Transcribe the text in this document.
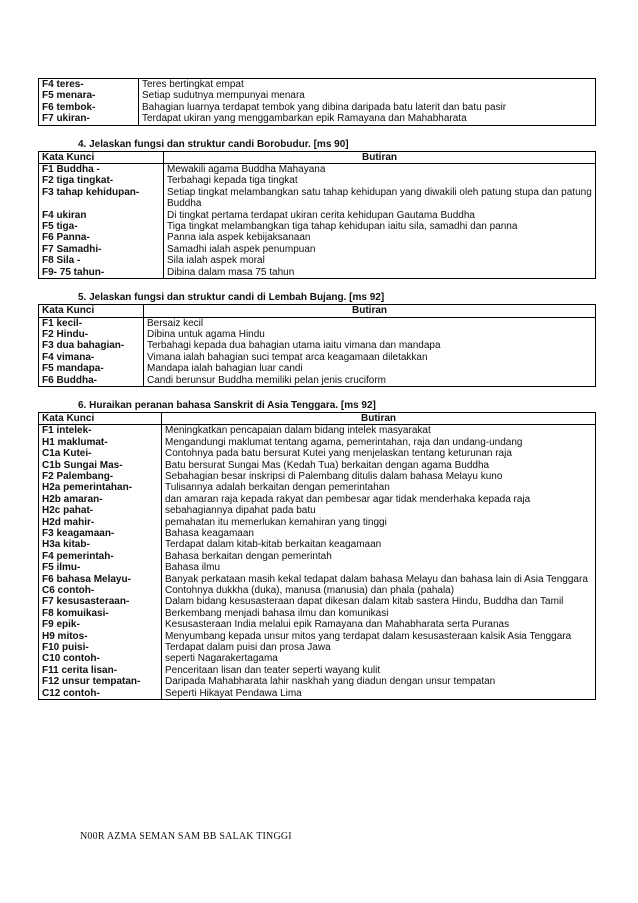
F4 teres-	Teres bertingkat empat
F5 menara-	Setiap sudutnya mempunyai menara
F6 tembok-	Bahagian luarnya terdapat tembok yang dibina daripada batu laterit dan batu pasir
F7 ukiran-	Terdapat ukiran yang menggambarkan epik Ramayana dan Mahabharata
4. Jelaskan fungsi dan struktur candi Borobudur. [ms 90]
Kata Kunci	Butiran
F1 Buddha -	Mewakili agama Buddha Mahayana
F2 tiga tingkat-	Terbahagi kepada tiga tingkat
F3 tahap kehidupan-	Setiap tingkat melambangkan satu tahap kehidupan yang diwakili oleh patung stupa dan patung Buddha
F4 ukiran	Di tingkat pertama terdapat ukiran cerita kehidupan Gautama Buddha
F5 tiga-	Tiga tingkat melambangkan tiga tahap kehidupan iaitu sila, samadhi dan panna
F6 Panna-	Panna iala aspek kebijaksanaan
F7 Samadhi-	Samadhi ialah aspek penumpuan
F8 Sila -	Sila ialah aspek moral
F9- 75 tahun-	Dibina dalam masa 75 tahun
5. Jelaskan fungsi dan struktur candi di Lembah Bujang. [ms 92]
Kata Kunci	Butiran
F1 kecil-	Bersaiz kecil
F2 Hindu-	Dibina untuk agama Hindu
F3 dua bahagian-	Terbahagi kepada dua bahagian utama iaitu vimana dan mandapa
F4 vimana-	Vimana ialah bahagian suci tempat arca keagamaan diletakkan
F5 mandapa-	Mandapa ialah bahagian luar candi
F6 Buddha-	Candi berunsur Buddha memiliki pelan jenis cruciform
6. Huraikan peranan bahasa Sanskrit di Asia Tenggara. [ms 92]
Kata Kunci	Butiran
F1 intelek-	Meningkatkan pencapaian dalam bidang intelek masyarakat
H1 maklumat-	Mengandungi maklumat tentang agama, pemerintahan, raja dan undang-undang
C1a Kutei-	Contohnya pada batu bersurat Kutei yang menjelaskan tentang keturunan raja
C1b Sungai Mas-	Batu bersurat Sungai Mas (Kedah Tua) berkaitan dengan agama Buddha
F2 Palembang-	Sebahagian besar inskripsi di Palembang ditulis dalam bahasa Melayu kuno
H2a pemerintahan-	Tulisannya adalah berkaitan dengan pemerintahan
H2b amaran-	dan amaran raja kepada rakyat dan pembesar agar tidak menderhaka kepada raja
H2c pahat-	sebahagiannya dipahat pada batu
H2d mahir-	pemahatan itu memerlukan kemahiran yang tinggi
F3 keagamaan-	Bahasa keagamaan
H3a kitab-	Terdapat dalam kitab-kitab berkaitan keagamaan
F4 pemerintah-	Bahasa berkaitan dengan pemerintah
F5 ilmu-	Bahasa ilmu
F6 bahasa Melayu-	Banyak perkataan masih kekal tedapat dalam bahasa Melayu dan bahasa lain di Asia Tenggara
C6 contoh-	Contohnya dukkha (duka), manusa (manusia) dan phala (pahala)
F7 kesusasteraan-	Dalam bidang kesusasteraan dapat dikesan dalam kitab sastera Hindu, Buddha dan Tamil
F8 komuikasi-	Berkembang menjadi bahasa ilmu dan komunikasi
F9 epik-	Kesusasteraan India melalui epik Ramayana dan Mahabharata serta Puranas
H9 mitos-	Menyumbang kepada unsur mitos yang terdapat dalam kesusasteraan kalsik Asia Tenggara
F10 puisi-	Terdapat dalam puisi dan prosa Jawa
C10 contoh-	seperti Nagarakertagama
F11 cerita lisan-	Penceritaan lisan dan teater seperti wayang kulit
F12 unsur tempatan-	Daripada Mahabharata lahir naskhah yang diadun dengan unsur tempatan
C12 contoh-	Seperti Hikayat Pendawa Lima
N00R AZMA SEMAN SAM BB SALAK TINGGI
